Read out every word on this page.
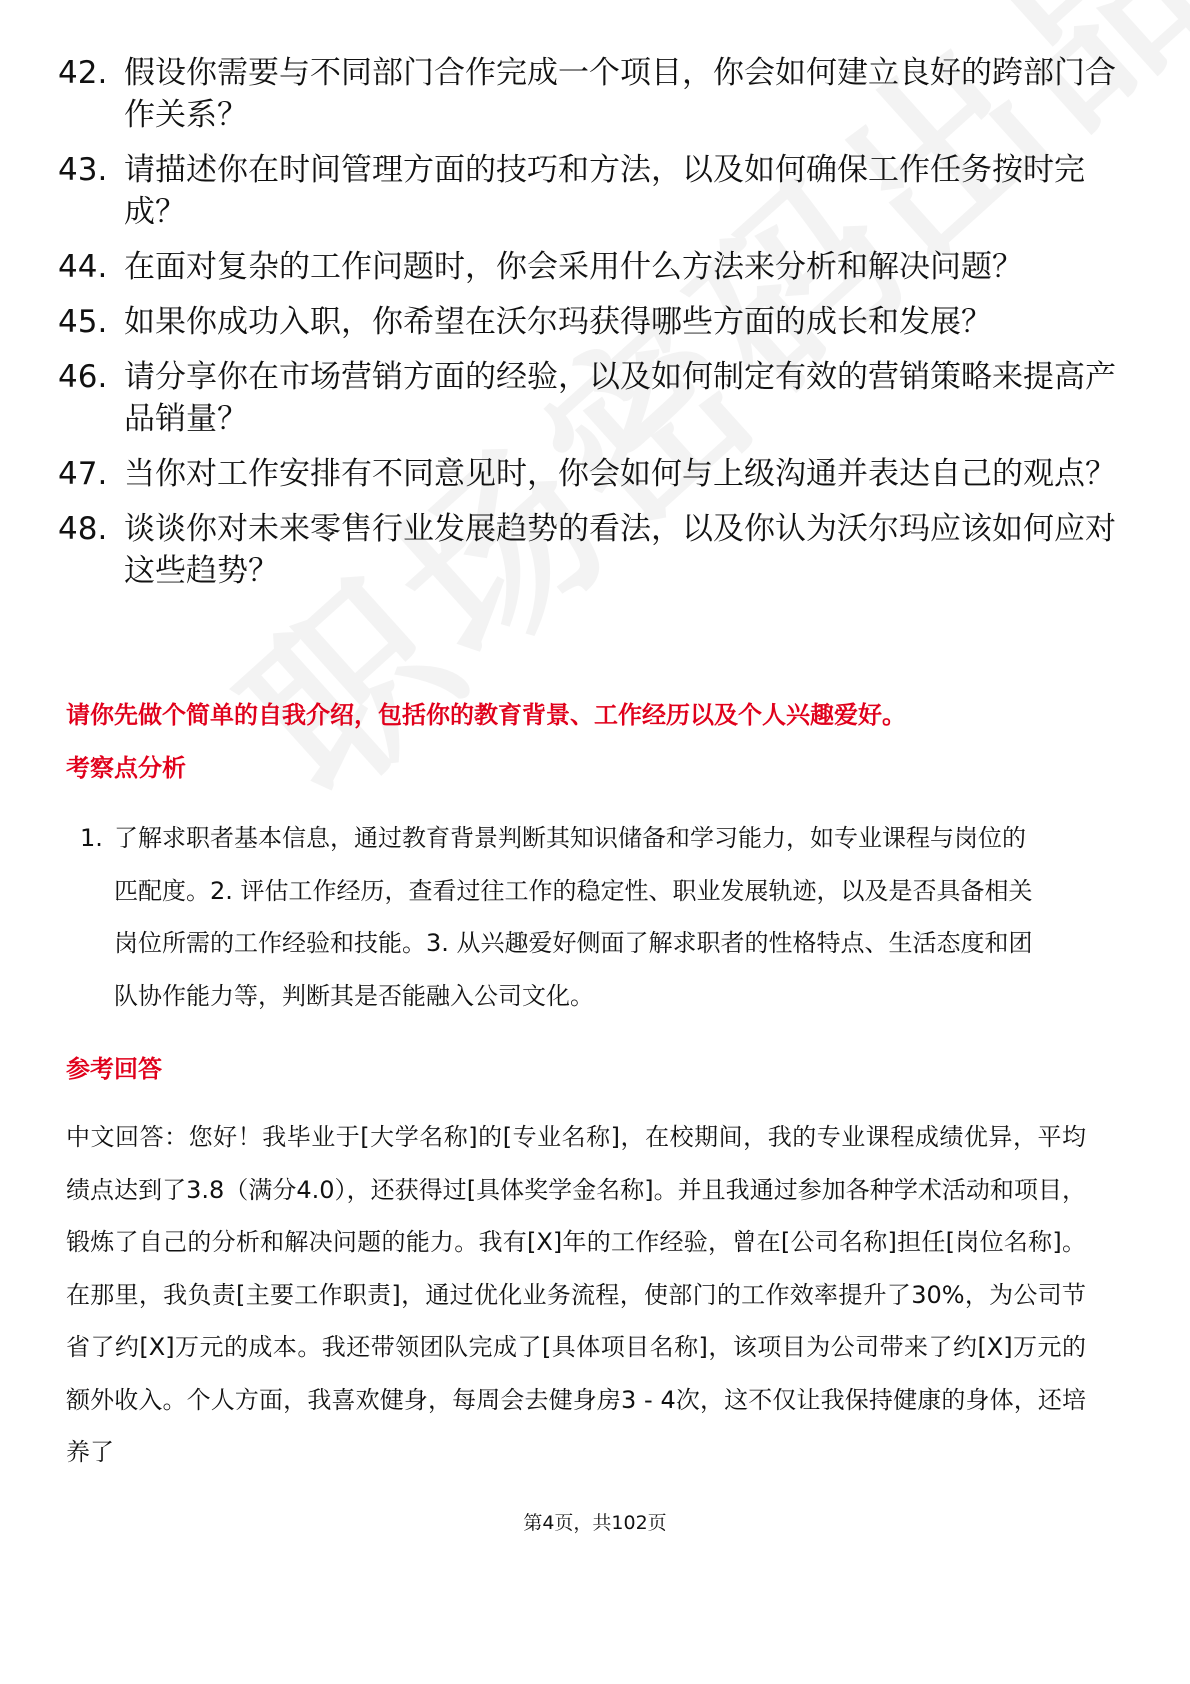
42. 假设你需要与不同部门合作完成一个项目，你会如何建立良好的跨部门合作关系？
43. 请描述你在时间管理方面的技巧和方法，以及如何确保工作任务按时完成？
44. 在面对复杂的工作问题时，你会采用什么方法来分析和解决问题？
45. 如果你成功入职，你希望在沃尔玛获得哪些方面的成长和发展？
46. 请分享你在市场营销方面的经验，以及如何制定有效的营销策略来提高产品销量？
47. 当你对工作安排有不同意见时，你会如何与上级沟通并表达自己的观点？
48. 谈谈你对未来零售行业发展趋势的看法，以及你认为沃尔玛应该如何应对这些趋势？
请你先做个简单的自我介绍，包括你的教育背景、工作经历以及个人兴趣爱好。
考察点分析
1. 了解求职者基本信息，通过教育背景判断其知识储备和学习能力，如专业课程与岗位的匹配度。2. 评估工作经历，查看过往工作的稳定性、职业发展轨迹，以及是否具备相关岗位所需的工作经验和技能。3. 从兴趣爱好侧面了解求职者的性格特点、生活态度和团队协作能力等，判断其是否能融入公司文化。
参考回答
中文回答：您好！我毕业于[大学名称]的[专业名称]，在校期间，我的专业课程成绩优异，平均绩点达到了3.8（满分4.0），还获得过[具体奖学金名称]。并且我通过参加各种学术活动和项目，锻炼了自己的分析和解决问题的能力。我有[X]年的工作经验，曾在[公司名称]担任[岗位名称]。在那里，我负责[主要工作职责]，通过优化业务流程，使部门的工作效率提升了30%，为公司节省了约[X]万元的成本。我还带领团队完成了[具体项目名称]，该项目为公司带来了约[X]万元的额外收入。个人方面，我喜欢健身，每周会去健身房3 - 4次，这不仅让我保持健康的身体，还培养了
第4页，共102页
